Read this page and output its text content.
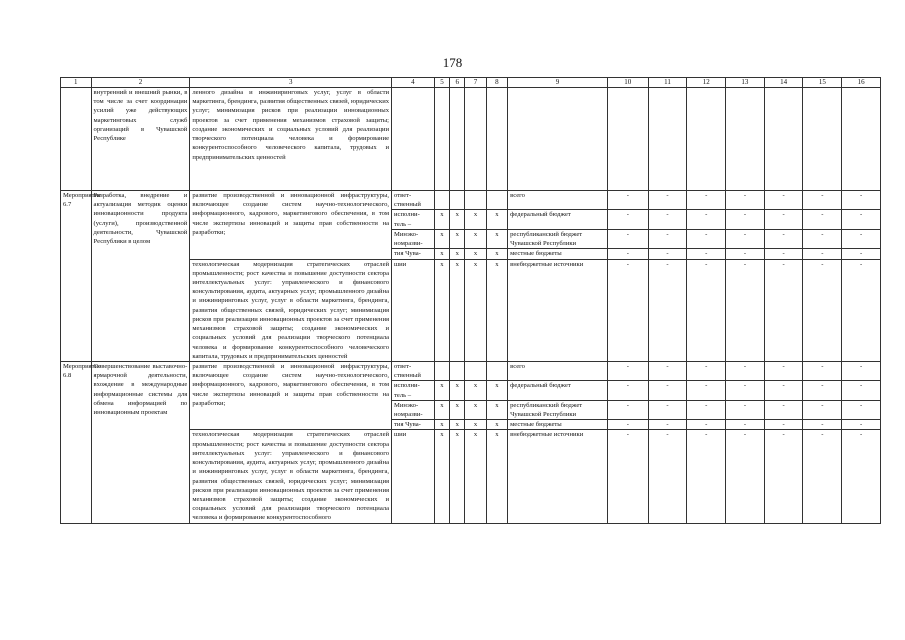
178
1	2	3	4	5	6	7	8	9	10	11	12	13	14	15	16
	внутренний и внешний рынки, в том числе за счет координации усилий уже действующих маркетинговых служб организаций в Чувашской Республике	ленного дизайна и инжиниринговых услуг, услуг в области маркетинга, брендинга, развития общественных связей, юридических услуг; минимизация рисков при реализации инновационных проектов за счет применения механизмов страховой защиты; создание экономических и социальных условий для реализации творческого потенциала человека и формирование конкурентоспособного человеческого капитала, трудовых и предпринимательских ценностей													
Мероприятие 6.7	Разработка, внедрение и актуализация методик оценки инновационности продукта (услуги), производственной деятельности, Чувашской Республики в целом	развитие производственной и инновационной инфраструктуры, включающее создание систем научно-технологического, информационного, кадрового, маркетингового обеспечения, в том числе экспертизы инноваций и защиты прав собственности на разработки;	ответ-
ственный					всего	-	-	-	-	-	-	-

			исполни-
тель –	x	x	x	x	федеральный бюджет	-	-	-	-	-	-	-

			Минэко-
номразви-	x	x	x	x	республиканский бюджет Чувашской Республики	-	-	-	-	-	-	-

			тия Чува-	x	x	x	x	местные бюджеты	-	-	-	-	-	-	-
		технологическая модернизация стратегических отраслей промышленности; рост качества и повышение доступности сектора интеллектуальных услуг: управленческого и финансового консультирования, аудита, актуарных услуг, промышленного дизайна и инжиниринговых услуг, услуг в области маркетинга, брендинга, развития общественных связей, юридических услуг; минимизация рисков при реализации инновационных проектов за счет применения механизмов страховой защиты; создание экономических и социальных условий для реализации творческого потенциала человека и формирование конкурентоспособного человеческого капитала, трудовых и предпринимательских ценностей	шии	x	x	x	x	внебюджетные источники	-	-	-	-	-	-	-
Мероприятие 6.8	Совершенствование выставочно-ярмарочной деятельности, вхождение в международные информационные системы для обмена информацией по инновационным проектам	развитие производственной и инновационной инфраструктуры, включающее создание систем научно-технологического, информационного, кадрового, маркетингового обеспечения, в том числе экспертизы инноваций и защиты прав собственности на разработки;	ответ-
ственный					всего	-	-	-	-	-	-	-

			исполни-
тель –	x	x	x	x	федеральный бюджет	-	-	-	-	-	-	-

			Минэко-
номразви-	x	x	x	x	республиканский бюджет Чувашской Республики	-	-	-	-	-	-	-

			тия Чува-	x	x	x	x	местные бюджеты	-	-	-	-	-	-	-
		технологическая модернизация стратегических отраслей промышленности; рост качества и повышение доступности сектора интеллектуальных услуг: управленческого и финансового консультирования, аудита, актуарных услуг, промышленного дизайна и инжиниринговых услуг, услуг в области маркетинга, брендинга, развития общественных связей, юридических услуг; минимизация рисков при реализации инновационных проектов за счет применения механизмов страховой защиты; создание экономических и социальных условий для реализации творческого потенциала человека и формирование конкурентоспособного	шии	x	x	x	x	внебюджетные источники	-	-	-	-	-	-	-
